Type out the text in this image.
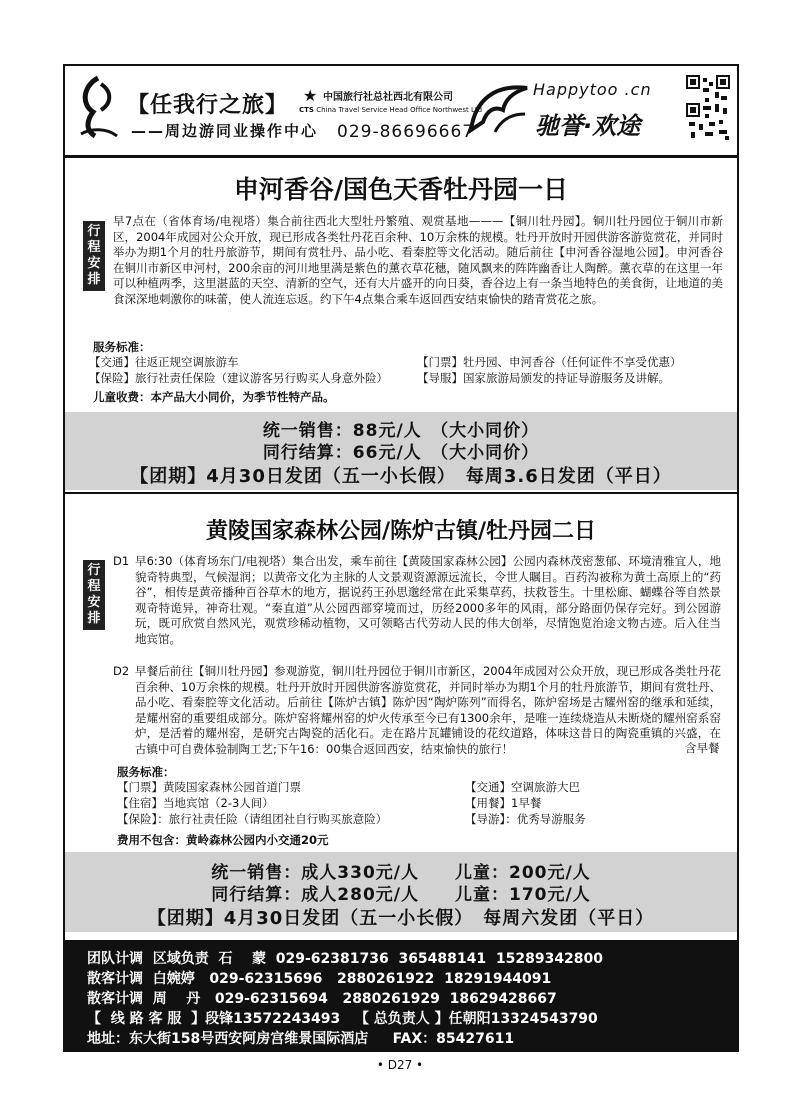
【任我行之旅】
——周边游同业操作中心
★ 中国旅行社总社西北有限公司
CTS China Travel Service Head Office Northwest Ltd
029-86696667
Happytoo .cn
驰誉·欢途
申河香谷/国色天香牡丹园一日
行程安排
早7点在（省体育场/电视塔）集合前往西北大型牡丹繁殖、观赏基地———【铜川牡丹园】。铜川牡丹园位于铜川市新区，2004年成园对公众开放，现已形成各类牡丹花百余种、10万余株的规模。牡丹开放时开园供游客游览赏花，并同时举办为期1个月的牡丹旅游节，期间有赏牡丹、品小吃、看秦腔等文化活动。随后前往【申河香谷湿地公园】。申河香谷在铜川市新区申河村，200余亩的河川地里满是紫色的薰衣草花穗，随风飘来的阵阵幽香让人陶醉。薰衣草的在这里一年可以种植两季，这里湛蓝的天空、清新的空气，还有大片盛开的向日葵，香谷边上有一条当地特色的美食街，让地道的美食深深地刺激你的味蕾，使人流连忘返。约下午4点集合乘车返回西安结束愉快的踏青赏花之旅。
服务标准：
【交通】往返正规空调旅游车	【门票】牡丹园、申河香谷（任何证件不享受优惠）
【保险】旅行社责任保险（建议游客另行购买人身意外险）	【导服】国家旅游局颁发的持证导游服务及讲解。
儿童收费：本产品大小同价，为季节性特产品。
统一销售：88元/人　（大小同价）
同行结算：66元/人　（大小同价）
【团期】4月30日发团（五一小长假）　每周3.6日发团（平日）
黄陵国家森林公园/陈炉古镇/牡丹园二日
行程安排
D1 早6:30（体育场东门/电视塔）集合出发，乘车前往【黄陵国家森林公园】公园内森林茂密葱郁、环境清雅宜人，地貌奇特典型，气候湿润；以黄帝文化为主脉的人文景观资源源远流长，令世人瞩目。百药沟被称为黄土高原上的“药谷”，相传是黄帝播种百谷草木的地方，据说药王孙思邈经常在此采集草药，扶救苍生。十里松廊、蝴蝶谷等自然景观奇特诡异，神奇壮观。“秦直道”从公园西部穿境而过，历经2000多年的风雨，部分路面仍保存完好。到公园游玩，既可欣赏自然风光，观赏珍稀动植物，又可领略古代劳动人民的伟大创举，尽情饱览治途文物古迹。后入住当地宾馆。
D2 早餐后前往【铜川牡丹园】参观游览，铜川牡丹园位于铜川市新区，2004年成园对公众开放，现已形成各类牡丹花百余种、10万余株的规模。牡丹开放时开园供游客游览赏花，并同时举办为期1个月的牡丹旅游节，期间有赏牡丹、品小吃、看秦腔等文化活动。后前往【陈炉古镇】陈炉因“陶炉陈列”而得名，陈炉窑场是古耀州窑的继承和延续，是耀州窑的重要组成部分。陈炉窑将耀州窑的炉火传承至今已有1300余年，是唯一连续烧造从未断烧的耀州窑系窑炉，是活着的耀州窑，是研究古陶瓷的活化石。走在路片瓦罐铺设的花纹道路，体味这昔日的陶瓷重镇的兴盛，在古镇中可自费体验制陶工艺;下午16：00集合返回西安，结束愉快的旅行！	含早餐
服务标准：
【门票】黄陵国家森林公园首道门票	【交通】空调旅游大巴
【住宿】当地宾馆（2-3人间）	【用餐】1早餐
【保险】：旅行社责任险（请组团社自行购买旅意险）	【导游】：优秀导游服务
费用不包含：黄岭森林公园内小交通20元
统一销售：成人330元/人　　儿童：200元/人
同行结算：成人280元/人　　儿童：170元/人
【团期】4月30日发团（五一小长假）　每周六发团（平日）
团队计调  区域负责  石    蒙  029-62381736  365488141  15289342800
散客计调  白婉婷   029-62315696   2880261922  18291944091
散客计调  周    丹   029-62315694   2880261929  18629428667
【  线 路 客 服  】段锋13572243493   【 总负责人 】任朝阳13324543790
地址：东大街158号西安阿房宫维景国际酒店     FAX：85427611
• D27 •
